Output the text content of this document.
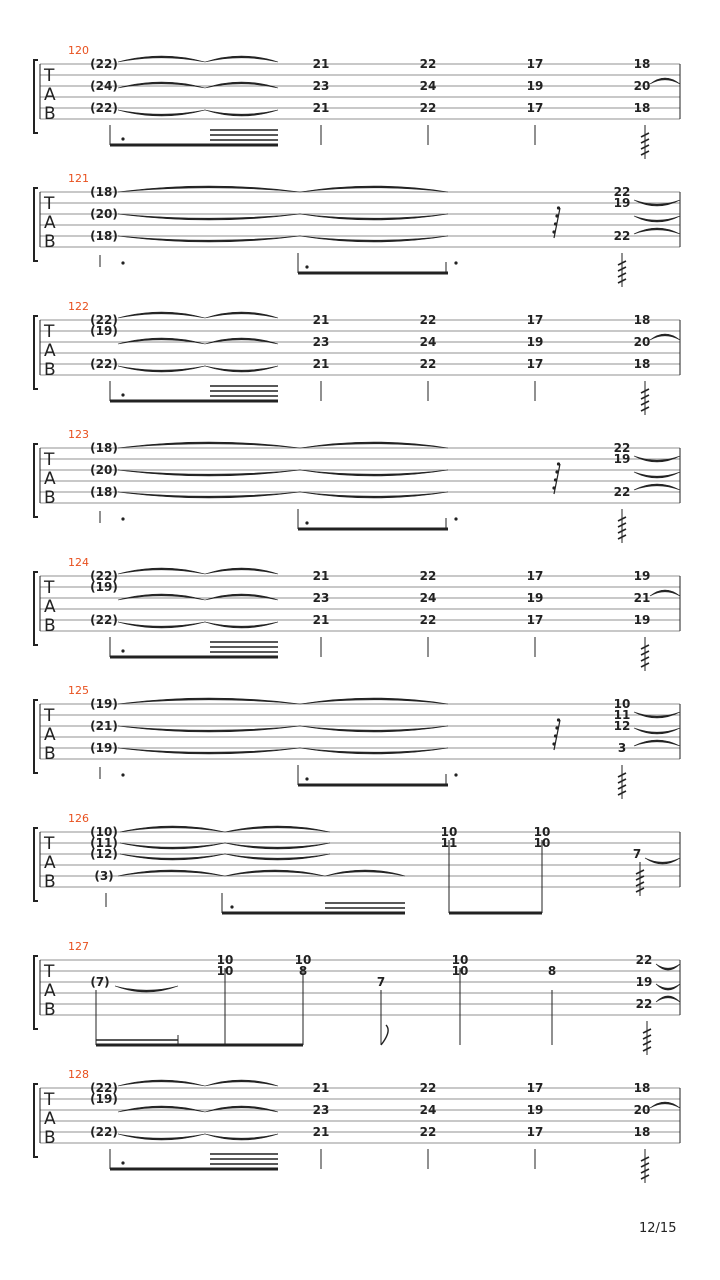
T
A
B
120
(22)
(24)
(22)
21
23
21
22
24
22
17
19
17
18
20
18
T
A
B
121
(18)
(20)
(18)
22
19
22
T
A
B
122
(22)
(19)
(22)
21
23
21
22
24
22
17
19
17
18
20
18
T
A
B
123
(18)
(20)
(18)
22
19
22
T
A
B
124
(22)
(19)
(22)
21
23
21
22
24
22
17
19
17
19
21
19
T
A
B
125
(19)
(21)
(19)
10
11
12
3
T
A
B
126
(10)
(11)
(12)
(3)
10
11
10
10
7
T
A
B
127
(7)
10
10
10
8
7
10
10	8
22
19
22
T
A
B
128
(22)
(19)
(22)
21
23
21
22
24
22
17
19
17
18
20
18
12/15
